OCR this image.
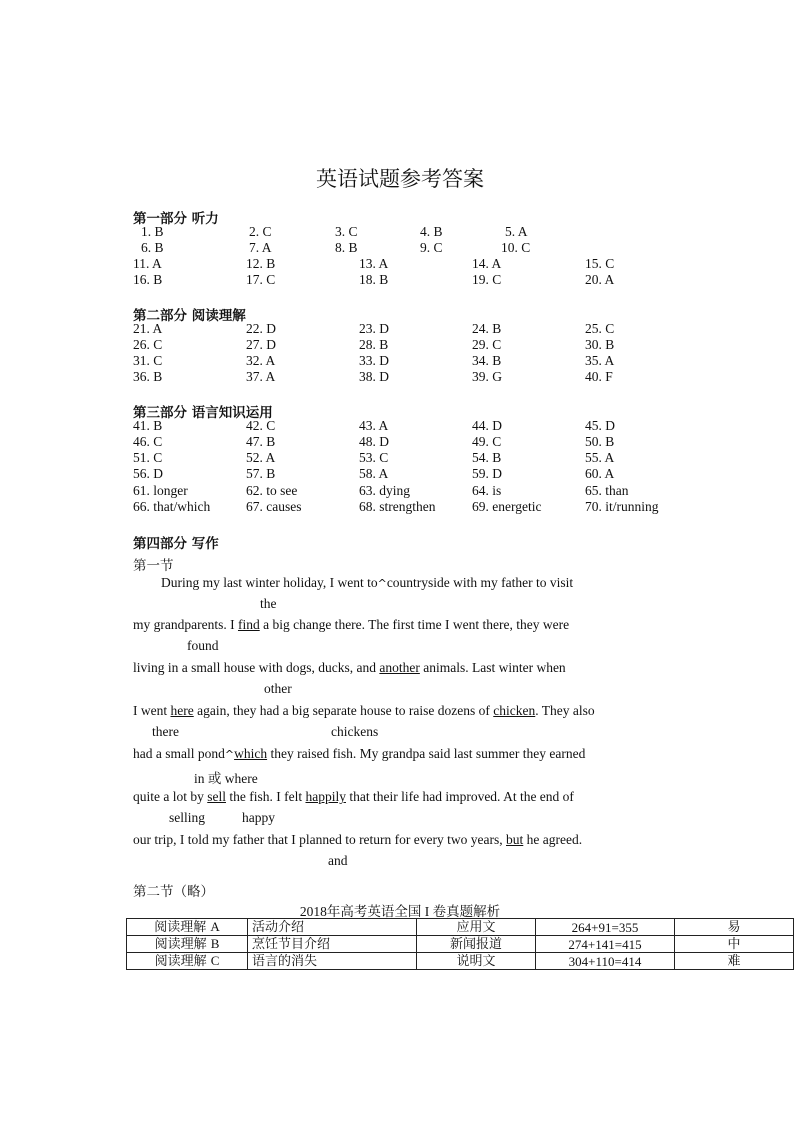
英语试题参考答案
第一部分 听力
1. B	2. C	3. C	4. B	5. A
6. B	7. A	8. B	9. C	10. C
11. A	12. B	13. A	14. A	15. C
16. B	17. C	18. B	19. C	20. A
第二部分 阅读理解
21. A	22. D	23. D	24. B	25. C
26. C	27. D	28. B	29. C	30. B
31. C	32. A	33. D	34. B	35. A
36. B	37. A	38. D	39. G	40. F
第三部分 语言知识运用
41. B	42. C	43. A	44. D	45. D
46. C	47. B	48. D	49. C	50. B
51. C	52. A	53. C	54. B	55. A
56. D	57. B	58. A	59. D	60. A
61. longer	62. to see	63. dying	64. is	65. than
66. that/which	67. causes	68. strengthen	69. energetic	70. it/running
第四部分 写作
第一节
During my last winter holiday, I went to^countryside with my father to visit
the
my grandparents. I find a big change there. The first time I went there, they were
found
living in a small house with dogs, ducks, and another animals. Last winter when
other
I went here again, they had a big separate house to raise dozens of chicken. They also
there	chickens
had a small pond^which they raised fish. My grandpa said last summer they earned
in 或 where
quite a lot by sell the fish. I felt happily that their life had improved. At the end of
selling	happy
our trip, I told my father that I planned to return for every two years, but he agreed.
and
第二节（略）
2018年高考英语全国 I 卷真题解析
阅读理解 A	活动介绍	应用文	264+91=355	易
阅读理解 B	烹饪节目介绍	新闻报道	274+141=415	中
阅读理解 C	语言的消失	说明文	304+110=414	难
